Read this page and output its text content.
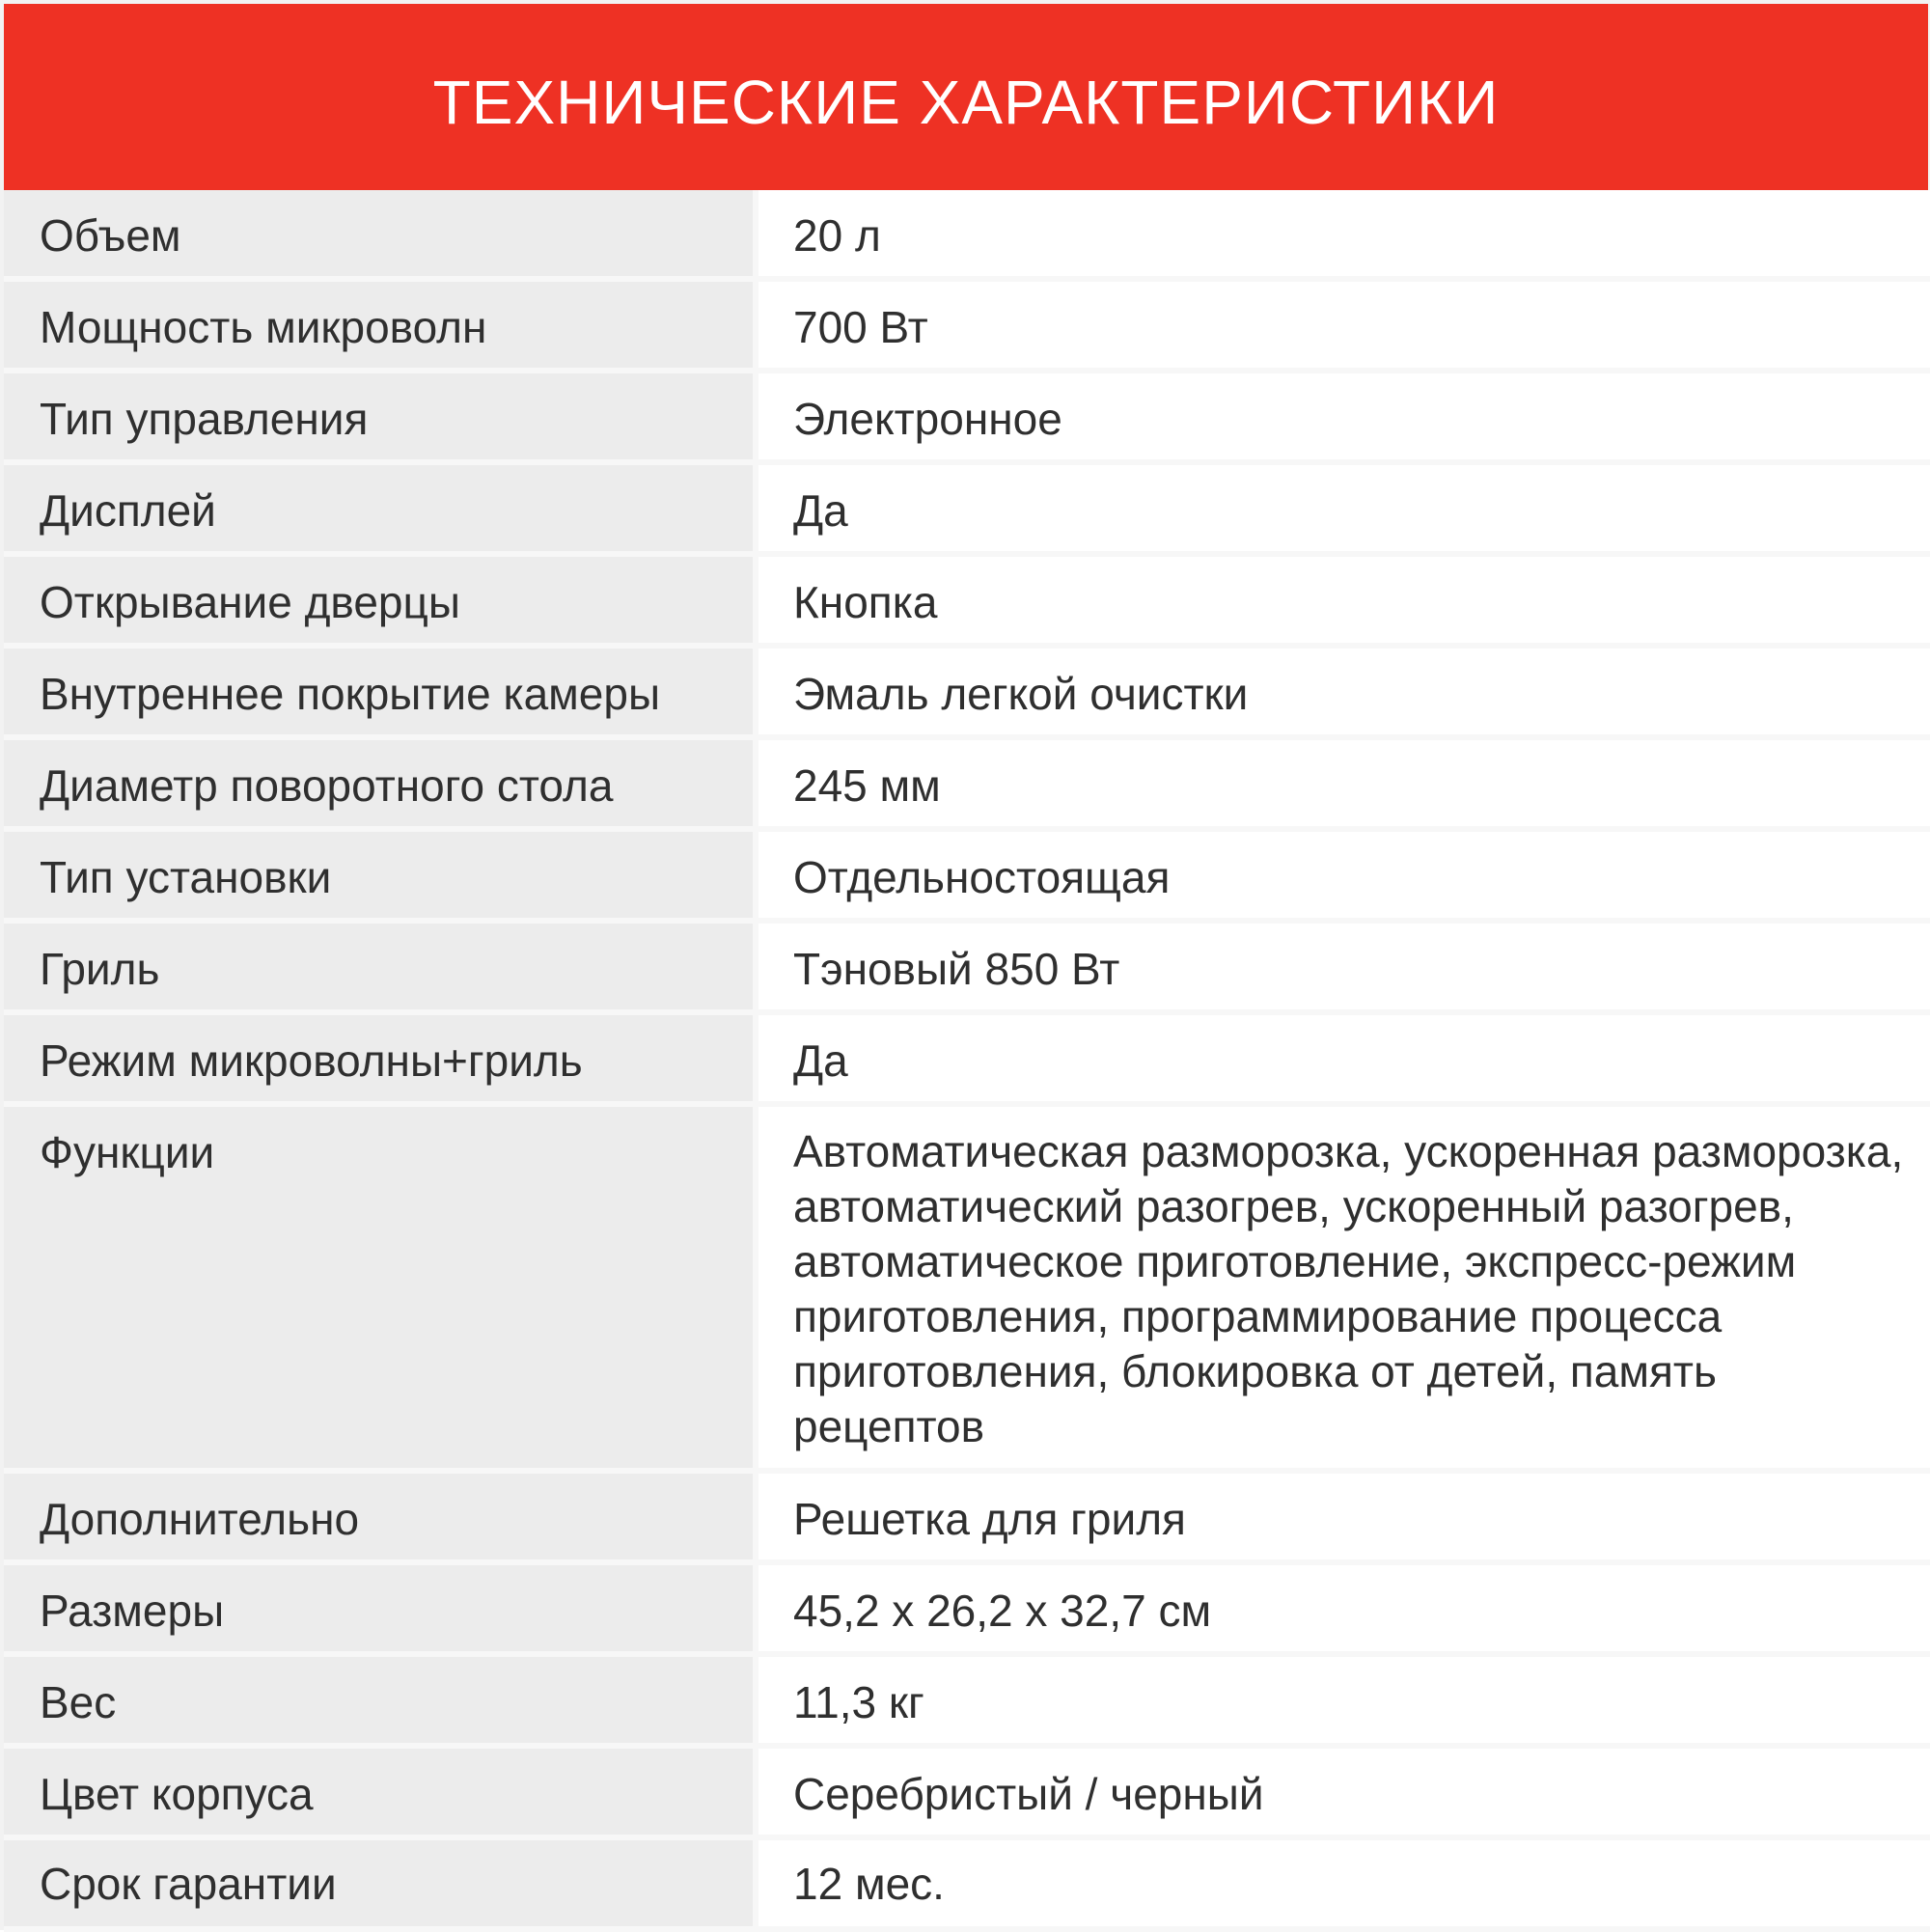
ТЕХНИЧЕСКИЕ ХАРАКТЕРИСТИКИ
Объем	20 л
Мощность микроволн	700 Вт
Тип управления	Электронное
Дисплей	Да
Открывание дверцы	Кнопка
Внутреннее покрытие камеры	Эмаль легкой очистки
Диаметр поворотного стола	245 мм
Тип установки	Отдельностоящая
Гриль	Тэновый 850 Вт
Режим микроволны+гриль	Да
Функции	Автоматическая разморозка, ускоренная разморозка, автоматический разогрев, ускоренный разогрев, автоматическое приготовление, экспресс-режим приготовления, программирование процесса приготовления, блокировка от детей, память рецептов
Дополнительно	Решетка для гриля
Размеры	45,2 х 26,2 х 32,7 см
Вес	11,3 кг
Цвет корпуса	Серебристый / черный
Срок гарантии	12 мес.
